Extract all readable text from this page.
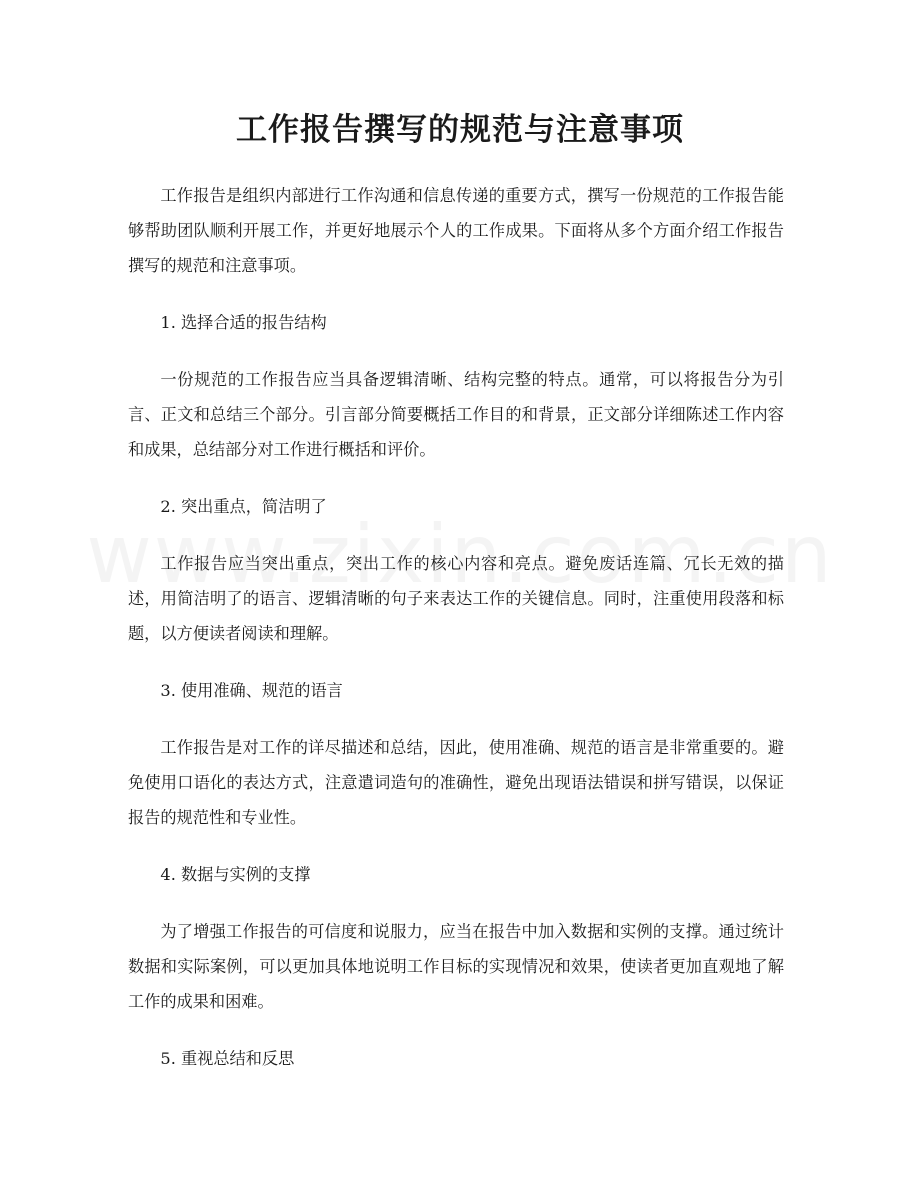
工作报告撰写的规范与注意事项

工作报告是组织内部进行工作沟通和信息传递的重要方式，撰写一份规范的工作报告能够帮助团队顺利开展工作，并更好地展示个人的工作成果。下面将从多个方面介绍工作报告撰写的规范和注意事项。

1. 选择合适的报告结构

一份规范的工作报告应当具备逻辑清晰、结构完整的特点。通常，可以将报告分为引言、正文和总结三个部分。引言部分简要概括工作目的和背景，正文部分详细陈述工作内容和成果，总结部分对工作进行概括和评价。

2. 突出重点，简洁明了

工作报告应当突出重点，突出工作的核心内容和亮点。避免废话连篇、冗长无效的描述，用简洁明了的语言、逻辑清晰的句子来表达工作的关键信息。同时，注重使用段落和标题，以方便读者阅读和理解。

3. 使用准确、规范的语言

工作报告是对工作的详尽描述和总结，因此，使用准确、规范的语言是非常重要的。避免使用口语化的表达方式，注意遣词造句的准确性，避免出现语法错误和拼写错误，以保证报告的规范性和专业性。

4. 数据与实例的支撑

为了增强工作报告的可信度和说服力，应当在报告中加入数据和实例的支撑。通过统计数据和实际案例，可以更加具体地说明工作目标的实现情况和效果，使读者更加直观地了解工作的成果和困难。

5. 重视总结和反思
